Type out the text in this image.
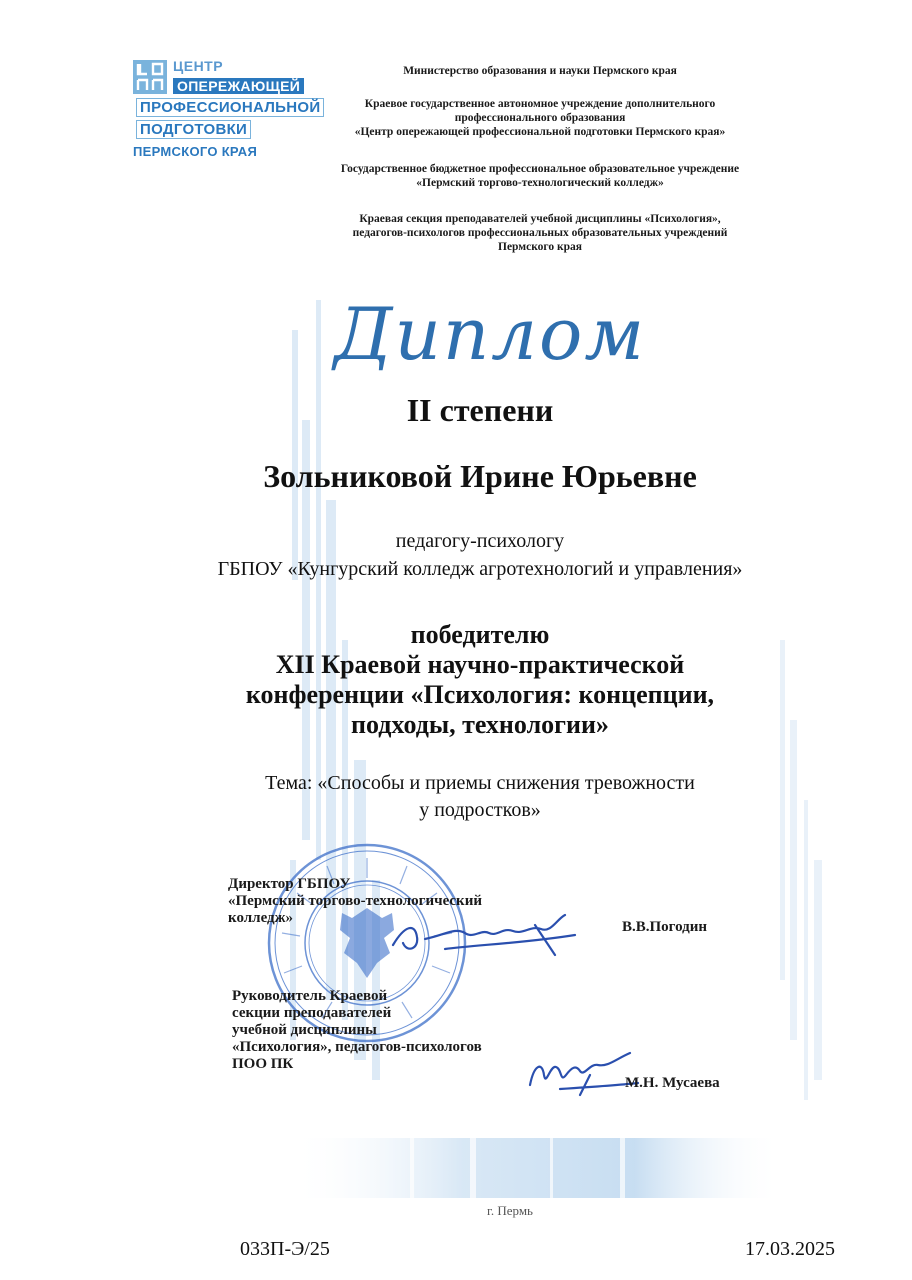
ЦЕНТР
ОПЕРЕЖАЮЩЕЙ
ПРОФЕССИОНАЛЬНОЙ
ПОДГОТОВКИ
ПЕРМСКОГО КРАЯ
Министерство образования и науки Пермского края
Краевое государственное автономное учреждение дополнительного
профессионального образования
«Центр опережающей профессиональной подготовки Пермского края»
Государственное бюджетное профессиональное образовательное учреждение
«Пермский торгово-технологический колледж»
Краевая секция преподавателей учебной дисциплины «Психология»,
педагогов-психологов профессиональных образовательных учреждений
Пермского края
Диплом
II степени
Зольниковой Ирине Юрьевне
педагогу-психологу
ГБПОУ «Кунгурский колледж агротехнологий и управления»
победителю
XII Краевой научно-практической
конференции «Психология: концепции,
подходы, технологии»
Тема: «Способы и приемы снижения тревожности
у подростков»
Директор ГБПОУ
«Пермский торгово-технологический
колледж»
В.В.Погодин
Руководитель Краевой
секции преподавателей
учебной дисциплины
«Психология», педагогов-психологов
ПОО ПК
М.Н. Мусаева
г. Пермь
033П-Э/25	17.03.2025
